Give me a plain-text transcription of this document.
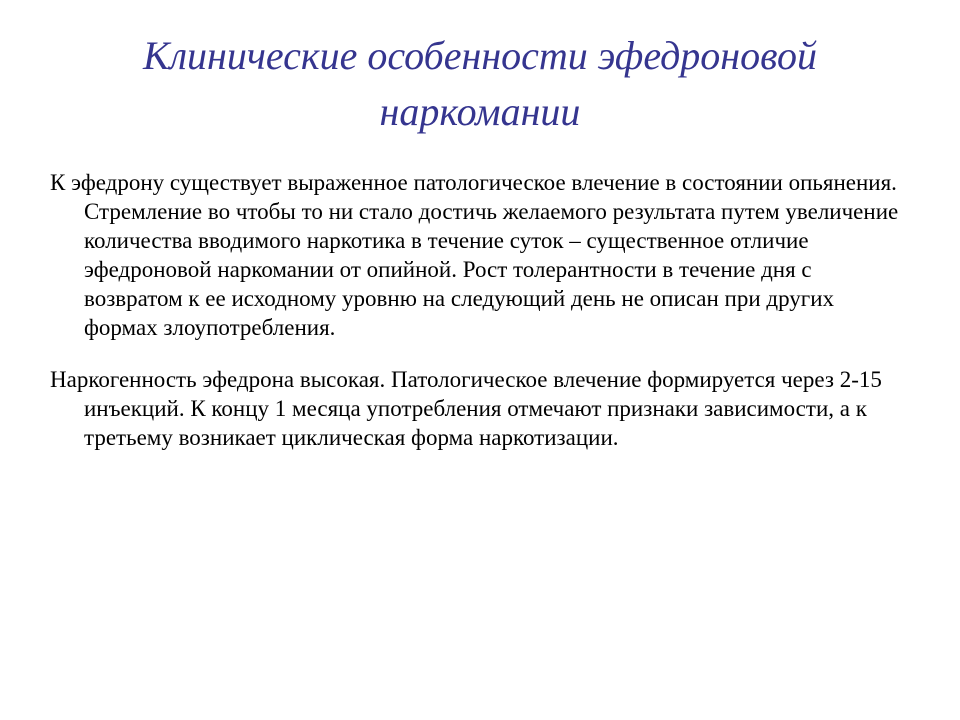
Клинические особенности эфедроновой наркомании

К эфедрону существует выраженное патологическое влечение в состоянии опьянения. Стремление во чтобы то ни стало достичь желаемого результата путем увеличение количества вводимого наркотика в течение суток – существенное отличие эфедроновой наркомании от опийной. Рост толерантности в течение дня с возвратом к ее исходному уровню на следующий день не описан при других формах злоупотребления.

Наркогенность эфедрона высокая. Патологическое влечение формируется через 2-15 инъекций. К концу 1 месяца употребления отмечают признаки зависимости, а к третьему возникает циклическая форма наркотизации.
